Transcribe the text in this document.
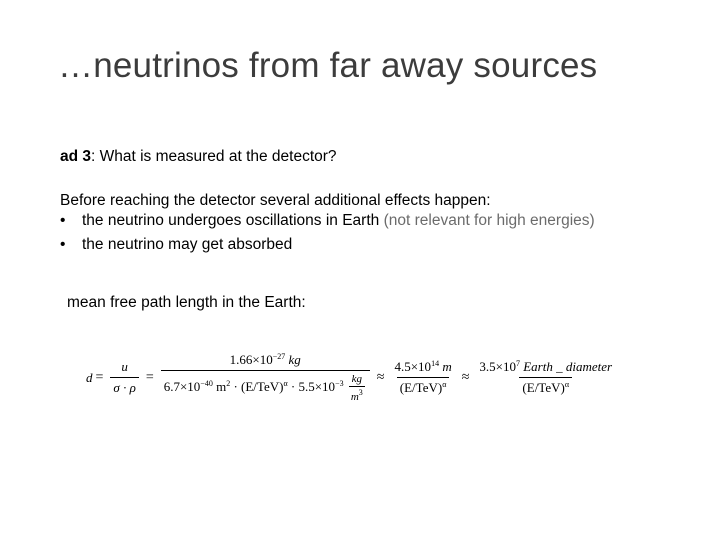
…neutrinos from far away sources
ad 3: What is measured at the detector?
Before reaching the detector several additional effects happen:
• the neutrino undergoes oscillations in Earth (not relevant for high energies)
• the neutrino may get absorbed
mean free path length in the Earth:
$d = \frac{u}{\sigma \cdot \rho}$ =
$1.66\times 10^{-27}$ kg
$6.7\times 10^{-40}$ $m^2 \cdot (E/TeV)^\alpha \cdot 5.5\times 10^{-3} \frac{kg}{m^3} \approx \frac{4.5\times 10^{14} m}{(E/TeV)^\alpha} \approx \frac{3.5\times 10^7 Earth \_ diameter}{(E/TeV)^\alpha}$
